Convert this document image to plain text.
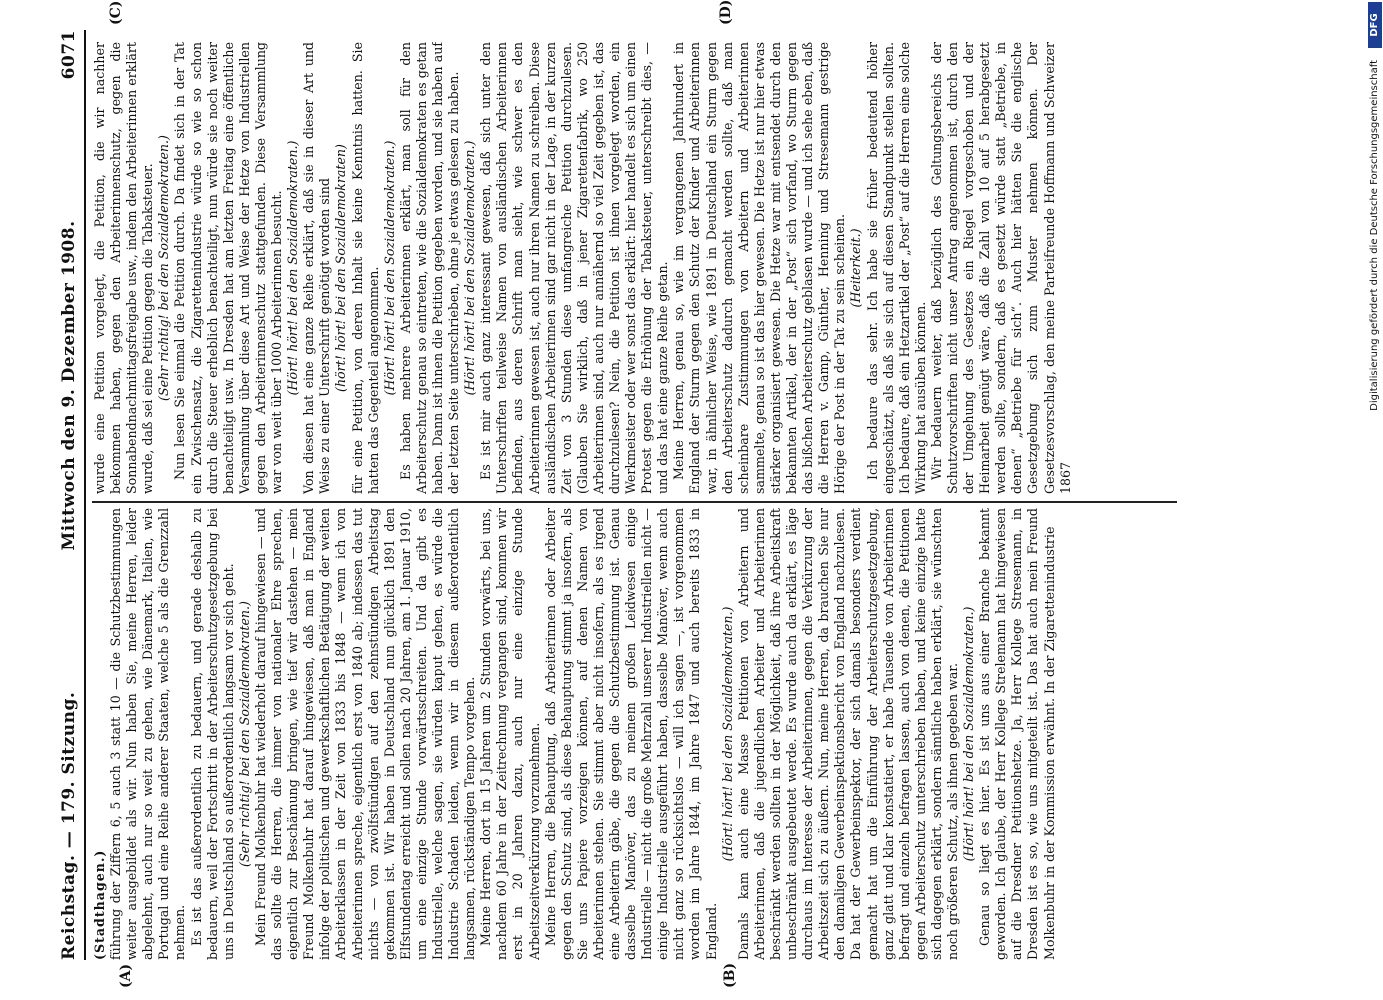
Reichstag. — 179. Sitzung.
Mittwoch den 9. Dezember 1908.
6071
(A)	(B)
(C)	(D)

(Stadthagen.) führung der Ziffern 6, 5 auch 3 statt 10 — die Schutzbestimmungen weiter ausgebildet als wir. Nun haben Sie, meine Herren, leider abgelehnt, auch nur so weit zu gehen, wie Dänemark, Italien, wie Portugal und eine Reihe anderer Staaten, welche 5 als die Grenzzahl nehmen. Es ist das außerordentlich zu bedauern, und gerade deshalb zu bedauern, weil der Fortschritt in der Arbeiterschutzgesetzgebung bei uns in Deutschland so außerordentlich langsam vor sich geht. (Sehr richtig! bei den Sozialdemokraten.) Mein Freund Molkenbuhr hat wiederholt darauf hingewiesen — und das sollte die Herren, die immer von nationaler Ehre sprechen, eigentlich zur Beschämung bringen, wie tief wir dastehen — mein Freund Molkenbuhr hat darauf hingewiesen, daß man in England infolge der politischen und gewerkschaftlichen Betätigung der weiten Arbeiterklassen in der Zeit von 1833 bis 1848 — wenn ich von Arbeiterinnen spreche, eigentlich erst von 1840 ab; indessen das tut nichts — von zwölfstündigen auf den zehnstündigen Arbeitstag gekommen ist. Wir haben in Deutschland nun glücklich 1891 den Elfstundentag erreicht und sollen nach 20 Jahren, am 1. Januar 1910, um eine einzige Stunde vorwärtsschreiten. Und da gibt es Industrielle, welche sagen, sie würden kaput gehen, es würde die Industrie Schaden leiden, wenn wir in diesem außerordentlich langsamen, rückständigen Tempo vorgehen. Meine Herren, dort in 15 Jahren um 2 Stunden vorwärts, bei uns, nachdem 60 Jahre in der Zeitrechnung vergangen sind, kommen wir erst in 20 Jahren dazu, auch nur eine einzige Stunde Arbeitszeitverkürzung vorzunehmen. Meine Herren, die Behauptung, daß Arbeiterinnen oder Arbeiter gegen den Schutz sind, als diese Behauptung stimmt ja insofern, als Sie uns Papiere vorzeigen können, auf denen Namen von Arbeiterinnen stehen. Sie stimmt aber nicht insofern, als es irgend eine Arbeiterin gäbe, die gegen die Schutzbestimmung ist. Genau dasselbe Manöver, das zu meinem großen Leidwesen einige Industrielle — nicht die große Mehrzahl unserer Industriellen nicht — einige Industrielle ausgeführt haben, dasselbe Manöver, wenn auch nicht ganz so rücksichtslos — will ich sagen —, ist vorgenommen worden im Jahre 1844, im Jahre 1847 und auch bereits 1833 in England.

(Hört! hört! bei den Sozialdemokraten.) Damals kam auch eine Masse Petitionen von Arbeitern und Arbeiterinnen, daß die jugendlichen Arbeiter und Arbeiterinnen beschränkt werden sollten in der Möglichkeit, daß ihre Arbeitskraft unbeschränkt ausgebeutet werde. Es wurde auch da erklärt, es läge durchaus im Interesse der Arbeiterinnen, gegen die Verkürzung der Arbeitszeit sich zu äußern. Nun, meine Herren, da brauchen Sie nur den damaligen Gewerbeinspektionsbericht von England nachzulesen. Da hat der Gewerbeinspektor, der sich damals besonders verdient gemacht hat um die Einführung der Arbeiterschutzgesetzgebung, ganz glatt und klar konstatiert, er habe Tausende von Arbeiterinnen befragt und einzeln befragen lassen, auch von denen, die Petitionen gegen Arbeiterschutz unterschrieben haben, und keine einzige hatte sich dagegen erklärt, sondern sämtliche haben erklärt, sie wünschten noch größeren Schutz, als ihnen gegeben war. (Hört! hört! bei den Sozialdemokraten.) Genau so liegt es hier. Es ist uns aus einer Branche bekannt geworden. Ich glaube, der Herr Kollege Strelemann hat hingewiesen auf die Dresdner Petitionshetze. Ja, Herr Kollege Stresemann, in Dresden ist es so, wie uns mitgeteilt ist. Das hat auch mein Freund Molkenbuhr in der Kommission erwähnt. In der Zigarettenindustrie

wurde eine Petition vorgelegt, die Petition, die wir nachher bekommen haben, gegen den Arbeiterinnenschutz, gegen die Sonnabendnachmittagsfreigabe usw., indem den Arbeiterinnen erklärt wurde, daß sei eine Petition gegen die Tabaksteuer. (Sehr richtig! bei den Sozialdemokraten.) Nun lesen Sie einmal die Petition durch. Da findet sich in der Tat ein Zwischensatz, die Zigarettenindustrie würde so wie so schon durch die Steuer erheblich benachteiligt, nun würde sie noch weiter benachteiligt usw. In Dresden hat am letzten Freitag eine öffentliche Versammlung über diese Art und Weise der Hetze von Industriellen gegen den Arbeiterinnenschutz stattgefunden. Diese Versammlung war von weit über 1000 Arbeiterinnen besucht. (Hört! hört! bei den Sozialdemokraten.) Von diesen hat eine ganze Reihe erklärt, daß sie in dieser Art und Weise zu einer Unterschrift genötigt worden sind (hört! hört! bei den Sozialdemokraten) für eine Petition, von deren Inhalt sie keine Kenntnis hatten. Sie hatten das Gegenteil angenommen. (Hört! hört! bei den Sozialdemokraten.) Es haben mehrere Arbeiterinnen erklärt, man soll für den Arbeiterschutz genau so eintreten, wie die Sozialdemokraten es getan haben. Dann ist ihnen die Petition gegeben worden, und sie haben auf der letzten Seite unterschrieben, ohne je etwas gelesen zu haben. (Hört! hört! bei den Sozialdemokraten.) Es ist mir auch ganz interessant gewesen, daß sich unter den Unterschriften teilweise Namen von ausländischen Arbeiterinnen befinden, aus deren Schrift man sieht, wie schwer es den Arbeiterinnen gewesen ist, auch nur ihren Namen zu schreiben. Diese ausländischen Arbeiterinnen sind gar nicht in der Lage, in der kurzen Zeit von 3 Stunden diese umfangreiche Petition durchzulesen. (Glauben Sie wirklich, daß in jener Zigarettenfabrik, wo 250 Arbeiterinnen sind, auch nur annähernd so viel Zeit gegeben ist, das durchzulesen? Nein, die Petition ist ihnen vorgelegt worden, ein Werkmeister oder wer sonst das erklärt: hier handelt es sich um einen Protest gegen die Erhöhung der Tabaksteuer, unterschreibt dies, — und das hat eine ganze Reihe getan. Meine Herren, genau so, wie im vergangenen Jahrhundert in England der Sturm gegen den Schutz der Kinder und Arbeiterinnen war, in ähnlicher Weise, wie 1891 in Deutschland ein Sturm gegen den Arbeiterschutz dadurch gemacht werden sollte, daß man scheinbare Zustimmungen von Arbeitern und Arbeiterinnen sammelte, genau so ist das hier gewesen. Die Hetze ist nur hier etwas stärker organisiert gewesen. Die Hetze war mit entsendet durch den bekannten Artikel, der in der „Post“ sich vorfand, wo Sturm gegen das bißchen Arbeiterschutz geblasen wurde — und ich sehe eben, daß die Herren v. Gamp, Günther, Henning und Stresemann gestrige Hörige der Post in der Tat zu sein scheinen. (Heiterkeit.) Ich bedaure das sehr. Ich habe sie früher bedeutend höher eingeschätzt, als daß sie sich auf diesen Standpunkt stellen sollten. Ich bedaure, daß ein Hetzartikel der „Post“ auf die Herren eine solche Wirkung hat ausüben können. Wir bedauern weiter, daß bezüglich des Geltungsbereichs der Schutzvorschriften nicht unser Antrag angenommen ist, durch den der Umgehung des Gesetzes ein Riegel vorgeschoben und der Heimarbeit genügt wäre, daß die Zahl von 10 auf 5 herabgesetzt werden sollte, sondern, daß es gesetzt würde statt „Betriebe, in denen“ „Betriebe für sich“. Auch hier hätten Sie die englische Gesetzgebung sich zum Muster nehmen können. Der Gesetzesvorschlag, den meine Parteifreunde Hoffmann und Schweizer 1867

Digitalisierung gefördert durch die Deutsche Forschungsgemeinschaft
DFG
